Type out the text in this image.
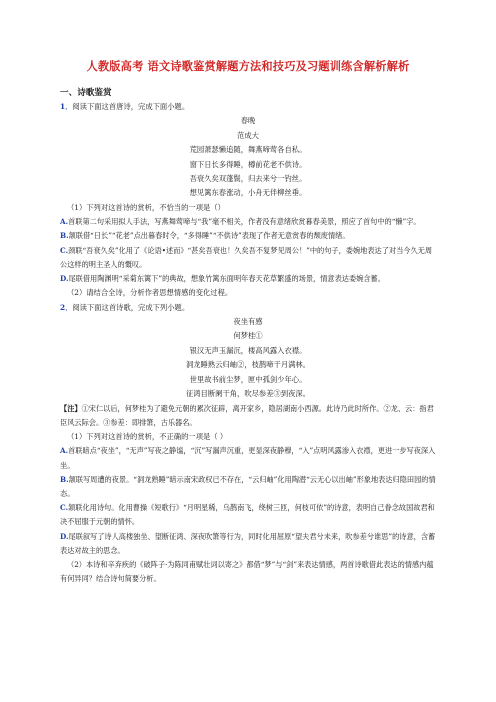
人教版高考 语文诗歌鉴赏解题方法和技巧及习题训练含解析解析
一、诗歌鉴赏

1．阅读下面这首唐诗，完成下面小题。

春晚

范成大

荒园萧瑟懒追随，舞燕啼莺各自私。

窗下日长多得睡，樽前花老不供诗。

吾衰久矣双蓬鬓，归去来兮一钓丝。

想见篱东春涨动，小舟无伴柳丝垂。

（1）下列对这首诗的赏析，不恰当的一项是（）

A.首联第二句采用拟人手法，写燕舞莺啼与“我”毫不相关，作者没有意绪欣赏暮春美景，照应了首句中的“懒”字。

B.颔联借“日长”“花老”点出暮春时令，“多得睡”“不供诗”表现了作者无意赏春的颓废情绪。

C.颈联“吾衰久矣”化用了《论语•述而》“甚矣吾衰也！久矣吾不复梦见周公！”中的句子，委婉地表达了对当今久无周公这样的明主圣人的慨叹。

D.尾联借用陶渊明“采菊东篱下”的典故，想象竹篱东面明年春天花草繁盛的场景，情意表达委婉含蓄。

（2）请结合全诗，分析作者思想情感的变化过程。

2．阅读下面这首诗歌，完成下列小题。

夜坐有感

何梦桂①

银汉无声玉漏沉，楼高风露入衣襟。

洞龙睡熟云归岫②，枝鹊啼干月满林。

世里故书前尘梦，匣中孤剑少年心。

征鸿目断阑干角，吹尽参差③到夜深。

【注】①宋仁以后，何梦桂为了避免元朝的累次征辟，离开家乡，隐居湖南小西源。此诗乃此时所作。②龙、云：指君臣风云际会。③参差：即排箫，古乐器名。

（1）下列对这首诗的赏析，不正确的一项是（ ）

A.首联暗点“夜坐”，“无声”写夜之静谧，“沉”写漏声沉重，更显深夜静穆，“入”点明风露渗入衣襟，更进一步写夜深入坐。

B.颔联写周遭的夜景。“洞龙熟睡”暗示南宋政权已不存在，“云归岫”化用陶潜“云无心以出岫”形象地表达归隐田园的情态。

C.颔联化用诗句。化用曹操《短歌行》“月明星稀，乌鹊南飞，绕树三匝，何枝可依”的诗意，表明自己眷念故国故君和决不屈服于元朝的情怀。

D.尾联叙写了诗人高楼独坐、望断征鸿、深夜吹箫等行为，同时化用屈原“望夫君兮未来，吹参差兮谁思”的诗意，含蓄表达对故主的思念。

（2）本诗和辛弃疾的《破阵子·为陈同甫赋壮词以寄之》都借“梦”与“剑”来表达情感，两首诗歌借此表达的情感内蕴有何异同？结合诗句简要分析。
